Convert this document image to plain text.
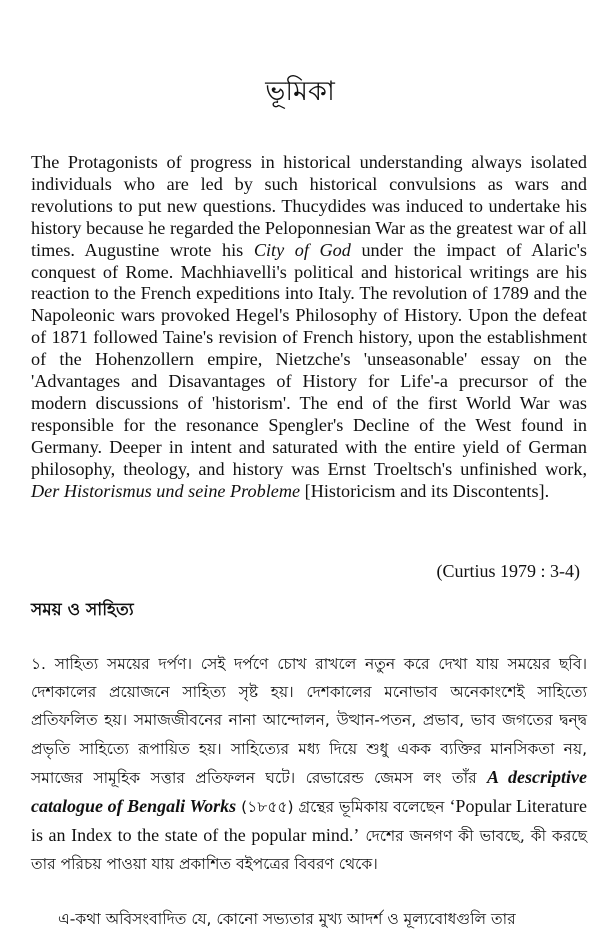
ভূমিকা
The Protagonists of progress in historical understanding always isolated individuals who are led by such historical convulsions as wars and revolutions to put new questions. Thucydides was induced to undertake his history because he regarded the Peloponnesian War as the greatest war of all times. Augustine wrote his City of God under the impact of Alaric's conquest of Rome. Machhiavelli's political and historical writings are his reaction to the French expeditions into Italy. The revolution of 1789 and the Napoleonic wars provoked Hegel's Philosophy of History. Upon the defeat of 1871 followed Taine's revision of French history, upon the establishment of the Hohenzollern empire, Nietzche's 'unseasonable' essay on the 'Advantages and Disavantages of History for Life'-a precursor of the modern discussions of 'historism'. The end of the first World War was responsible for the resonance Spengler's Decline of the West found in Germany. Deeper in intent and saturated with the entire yield of German philosophy, theology, and history was Ernst Troeltsch's unfinished work, Der Historismus und seine Probleme [Historicism and its Discontents].
(Curtius 1979 : 3-4)
সময় ও সাহিত্য
১. সাহিত্য সময়ের দর্পণ। সেই দর্পণে চোখ রাখলে নতুন করে দেখা যায় সময়ের ছবি। দেশকালের প্রয়োজনে সাহিত্য সৃষ্ট হয়। দেশকালের মনোভাব অনেকাংশেই সাহিত্যে প্রতিফলিত হয়। সমাজজীবনের নানা আন্দোলন, উত্থান-পতন, প্রভাব, ভাব জগতের দ্বন্দ্ব প্রভৃতি সাহিত্যে রূপায়িত হয়। সাহিত্যের মধ্য দিয়ে শুধু একক ব্যক্তির মানসিকতা নয়, সমাজের সামূহিক সত্তার প্রতিফলন ঘটে। রেভারেন্ড জেমস লং তাঁর A descriptive catalogue of Bengali Works (১৮৫৫) গ্রন্থের ভূমিকায় বলেছেন ‘Popular Literature is an Index to the state of the popular mind.’ দেশের জনগণ কী ভাবছে, কী করছে তার পরিচয় পাওয়া যায় প্রকাশিত বইপত্রের বিবরণ থেকে।
এ-কথা অবিসংবাদিত যে, কোনো সভ্যতার মুখ্য আদর্শ ও মূল্যবোধগুলি তার
